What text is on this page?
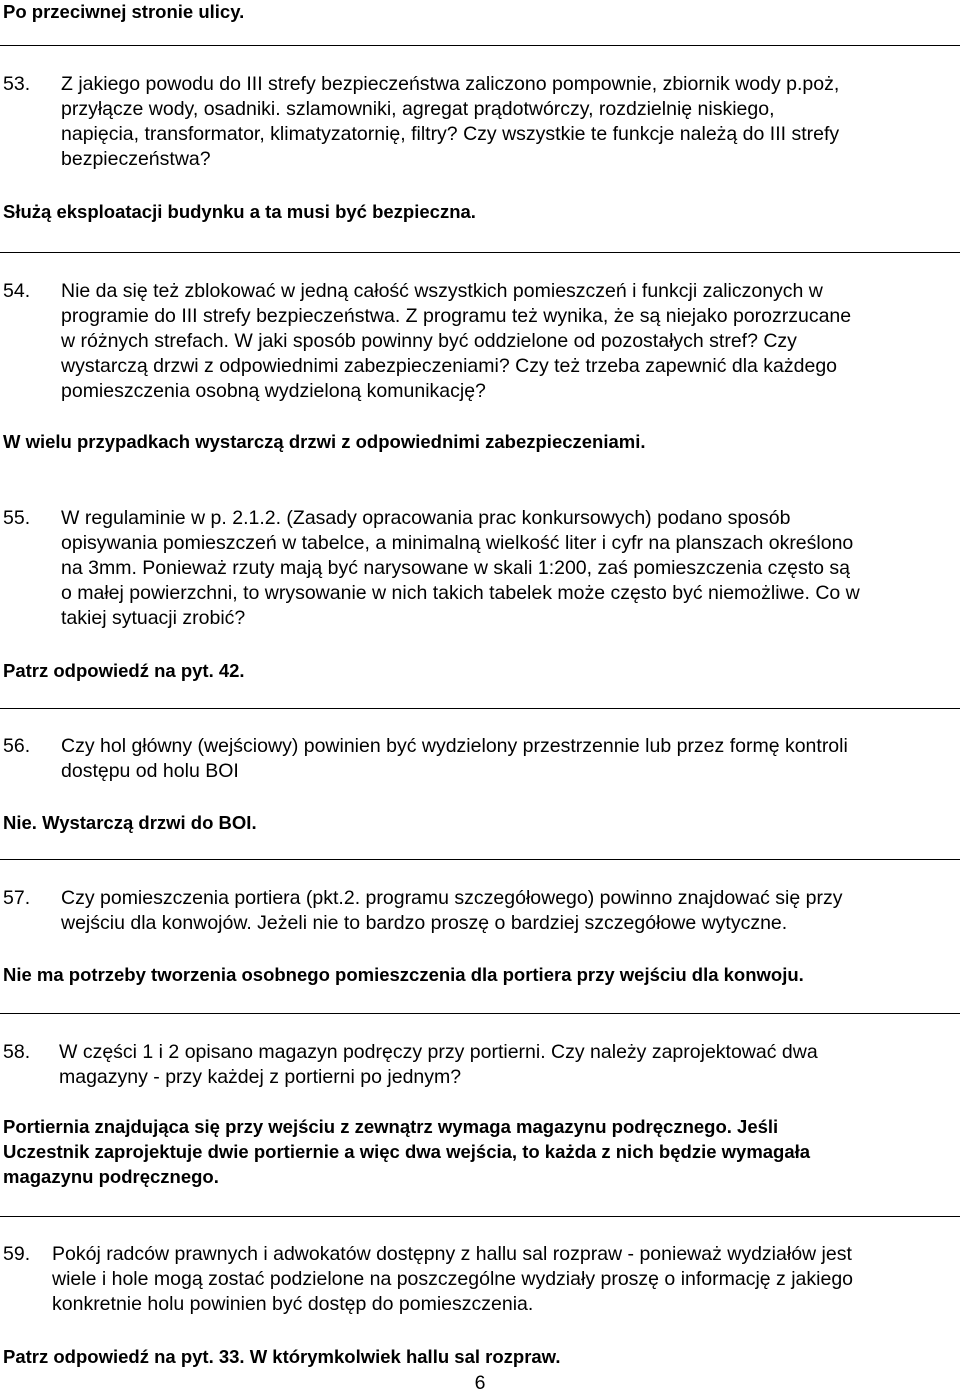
Po przeciwnej stronie ulicy.
53. Z jakiego powodu do III strefy bezpieczeństwa zaliczono pompownie, zbiornik wody p.poż,
przyłącze wody, osadniki. szlamowniki, agregat prądotwórczy, rozdzielnię niskiego,
napięcia, transformator, klimatyzatornię, filtry? Czy wszystkie te funkcje należą do III strefy
bezpieczeństwa?
Służą eksploatacji budynku a ta musi być bezpieczna.
54. Nie da się też zblokować w jedną całość wszystkich pomieszczeń i funkcji zaliczonych w
programie do III strefy bezpieczeństwa. Z programu też wynika, że są niejako porozrzucane
w różnych strefach. W jaki sposób powinny być oddzielone od pozostałych stref? Czy
wystarczą drzwi z odpowiednimi zabezpieczeniami? Czy też trzeba zapewnić dla każdego
pomieszczenia osobną wydzieloną komunikację?
W wielu przypadkach wystarczą drzwi z odpowiednimi zabezpieczeniami.
55. W regulaminie w p. 2.1.2. (Zasady opracowania prac konkursowych) podano sposób
opisywania pomieszczeń w tabelce, a minimalną wielkość liter i cyfr na planszach określono
na 3mm. Ponieważ rzuty mają być narysowane w skali 1:200, zaś pomieszczenia często są
o małej powierzchni, to wrysowanie w nich takich tabelek może często być niemożliwe. Co w
takiej sytuacji zrobić?
Patrz odpowiedź na pyt. 42.
56. Czy hol główny (wejściowy) powinien być wydzielony przestrzennie lub przez formę kontroli
dostępu od holu BOI
Nie. Wystarczą drzwi do BOI.
57. Czy pomieszczenia portiera (pkt.2. programu szczegółowego) powinno znajdować się przy
wejściu dla konwojów. Jeżeli nie to bardzo proszę o bardziej szczegółowe wytyczne.
Nie ma potrzeby tworzenia osobnego pomieszczenia dla portiera przy wejściu dla konwoju.
58. W części 1 i 2 opisano magazyn podręczy przy portierni. Czy należy zaprojektować dwa
magazyny - przy każdej z portierni po jednym?
Portiernia znajdująca się przy wejściu z zewnątrz wymaga magazynu podręcznego. Jeśli
Uczestnik zaprojektuje dwie portiernie a więc dwa wejścia, to każda z nich będzie wymagała
magazynu podręcznego.
59. Pokój radców prawnych i adwokatów dostępny z hallu sal rozpraw - ponieważ wydziałów jest
wiele i hole mogą zostać podzielone na poszczególne wydziały proszę o informację z jakiego
konkretnie holu powinien być dostęp do pomieszczenia.
Patrz odpowiedź na pyt. 33. W którymkolwiek hallu sal rozpraw.
6
